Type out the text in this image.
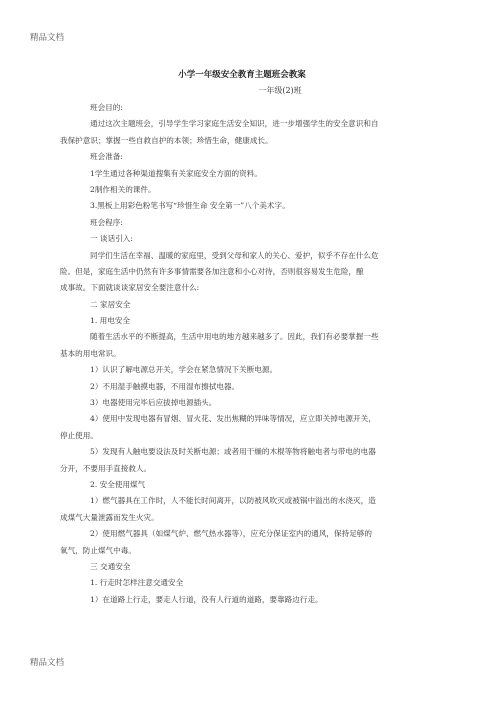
精品文档
小学一年级安全教育主题班会教案
一年级(2)班
班会目的:
通过这次主题班会，引导学生学习家庭生活安全知识，进一步增强学生的安全意识和自
我保护意识；掌握一些自救自护的本领；珍惜生命，健康成长。
班会准备:
1学生通过各种渠道搜集有关家庭安全方面的资料。
2制作相关的课件。
3.黑板上用彩色粉笔书写“珍惜生命 安全第一”八个美术字。
班会程序:
一 谈话引入:
同学们生活在幸福、温暖的家庭里，受到父母和家人的关心、爱护，似乎不存在什么危
险。但是，家庭生活中仍然有许多事情需要各加注意和小心对待，否则很容易发生危险，酿
成事故。下面就谈谈家居安全要注意什么:
二 家居安全
1. 用电安全
随着生活水平的不断提高，生活中用电的地方越来越多了。因此，我们有必要掌握一些
基本的用电常识。
1）认识了解电源总开关，学会在紧急情况下关断电源。
2）不用湿手触摸电器，不用湿布擦拭电器。
3）电器使用完毕后应拔掉电源插头。
4）使用中发现电器有冒烟、冒火花、发出焦糊的异味等情况，应立即关掉电源开关，
停止使用。
5）发现有人触电要设法及时关断电源；或者用干燥的木棍等物将触电者与带电的电器
分开，不要用手直接救人。
2. 安全使用煤气
1）燃气器具在工作时，人不能长时间离开，以防被风吹灭或被锅中溢出的水浇灭，造
成煤气大量泄露而发生火灾。
2）使用燃气器具（如煤气炉、燃气热水器等），应充分保证室内的通风，保持足够的
氧气，防止煤气中毒。
三 交通安全
1. 行走时怎样注意交通安全
1）在道路上行走，要走人行道，没有人行道的道路，要靠路边行走。
精品文档
